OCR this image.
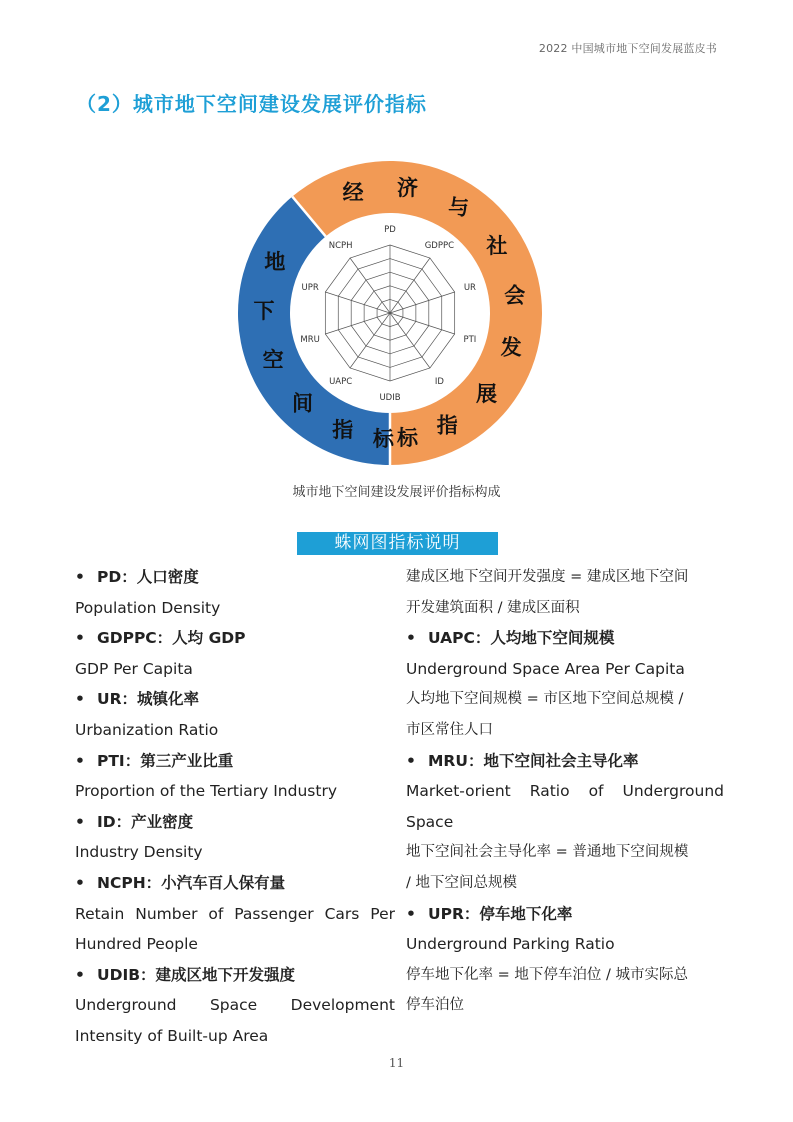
2022 中国城市地下空间发展蓝皮书
（2）城市地下空间建设发展评价指标
PD
GDPPC
UR
PTI
ID
UDIB
UAPC
MRU
UPR
NCPH
地
下
空
间
指 标
经 济
与
社
会
发
展
指
标
城市地下空间建设发展评价指标构成
蛛网图指标说明
• PD：人口密度
Population Density
• GDPPC：人均 GDP
GDP Per Capita
• UR：城镇化率
Urbanization Ratio
• PTI：第三产业比重
Proportion of the Tertiary Industry
• ID：产业密度
Industry Density
• NCPH：小汽车百人保有量
Retain Number of Passenger Cars Per
Hundred People
• UDIB：建成区地下开发强度
Underground Space Development
Intensity of Built-up Area
建成区地下空间开发强度 = 建成区地下空间
开发建筑面积 / 建成区面积
• UAPC：人均地下空间规模
Underground Space Area Per Capita
人均地下空间规模 = 市区地下空间总规模 /
市区常住人口
• MRU：地下空间社会主导化率
Market-orient Ratio of Underground
Space
地下空间社会主导化率 = 普通地下空间规模
/ 地下空间总规模
• UPR：停车地下化率
Underground Parking Ratio
停车地下化率 = 地下停车泊位 / 城市实际总
停车泊位
11
